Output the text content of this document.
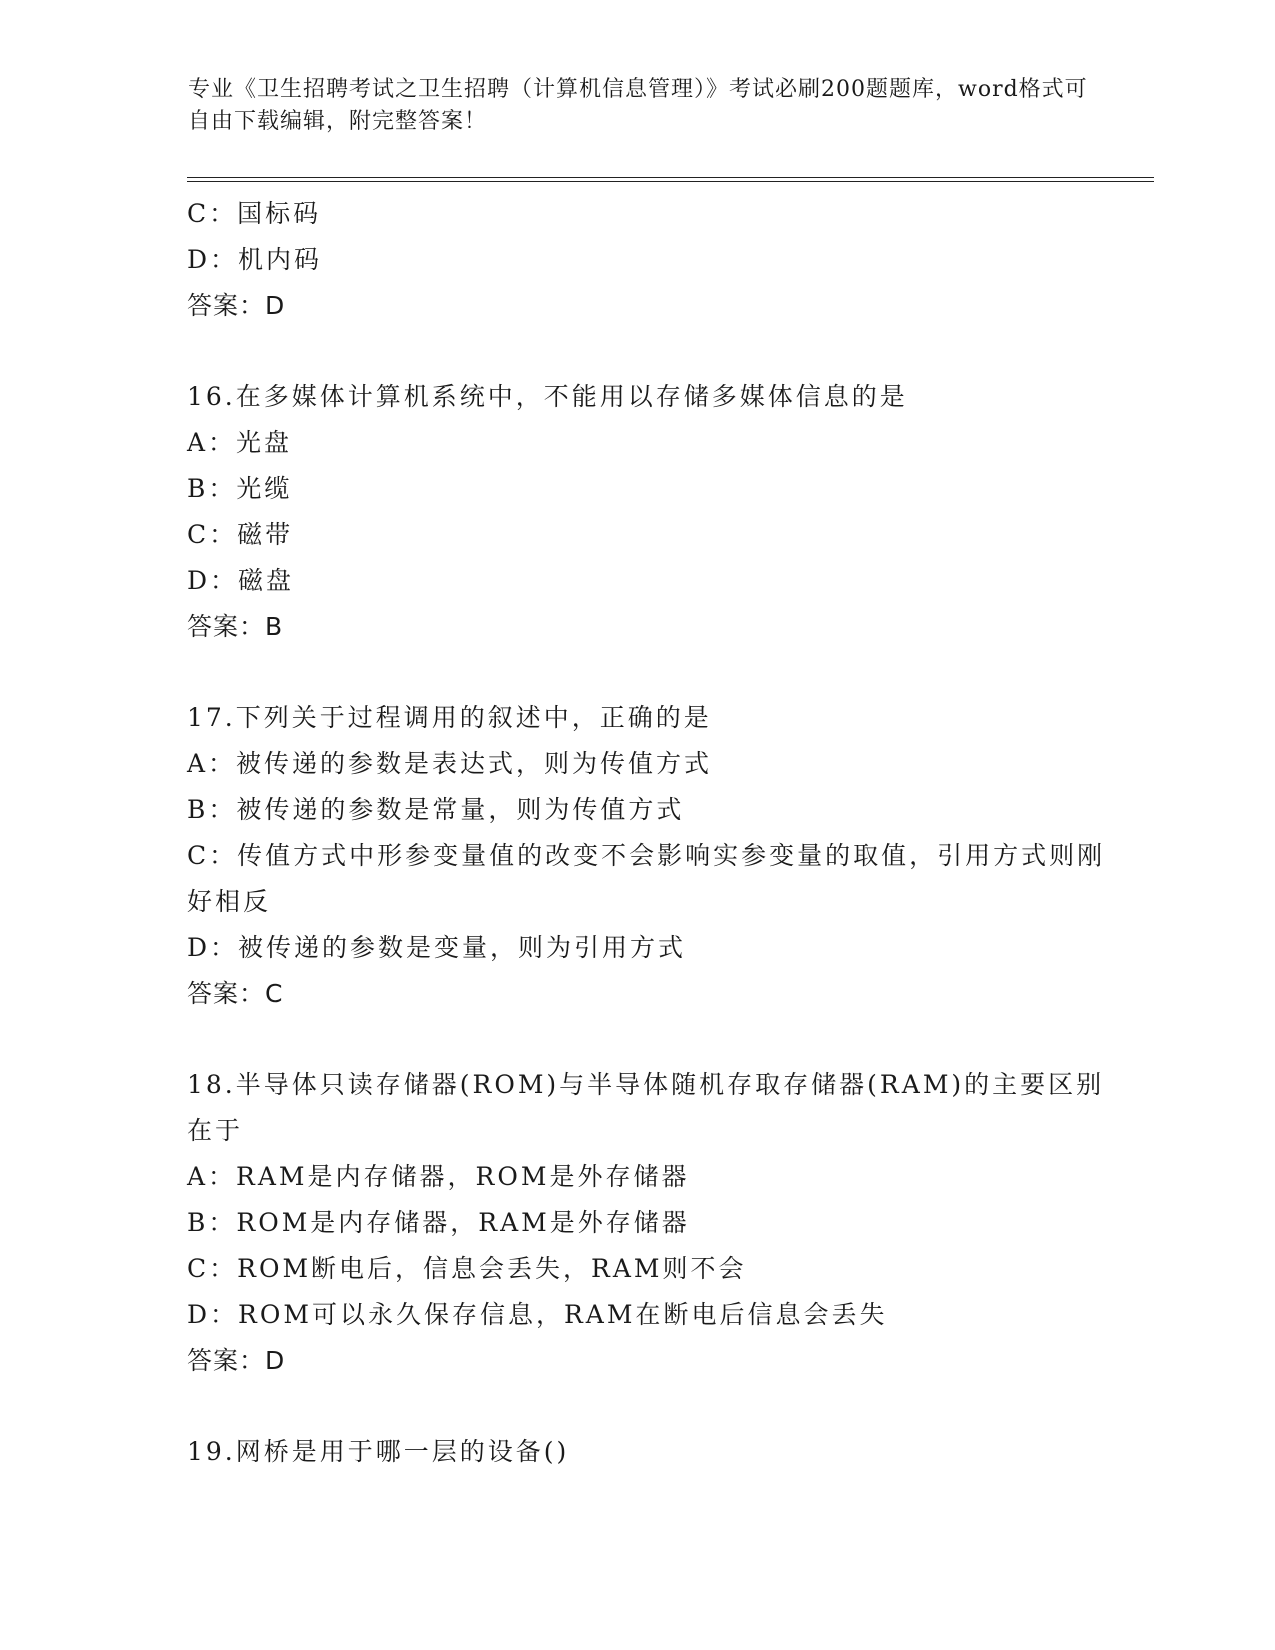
专业《卫生招聘考试之卫生招聘（计算机信息管理）》考试必刷200题题库，word格式可自由下载编辑，附完整答案！

C：国标码

D：机内码

答案：D

16.在多媒体计算机系统中，不能用以存储多媒体信息的是

A：光盘

B：光缆

C：磁带

D：磁盘

答案：B

17.下列关于过程调用的叙述中，正确的是

A：被传递的参数是表达式，则为传值方式

B：被传递的参数是常量，则为传值方式

C：传值方式中形参变量值的改变不会影响实参变量的取值，引用方式则刚好相反

D：被传递的参数是变量，则为引用方式

答案：C

18.半导体只读存储器(ROM)与半导体随机存取存储器(RAM)的主要区别在于

A：RAM是内存储器，ROM是外存储器

B：ROM是内存储器，RAM是外存储器

C：ROM断电后，信息会丢失，RAM则不会

D：ROM可以永久保存信息，RAM在断电后信息会丢失

答案：D

19.网桥是用于哪一层的设备()
